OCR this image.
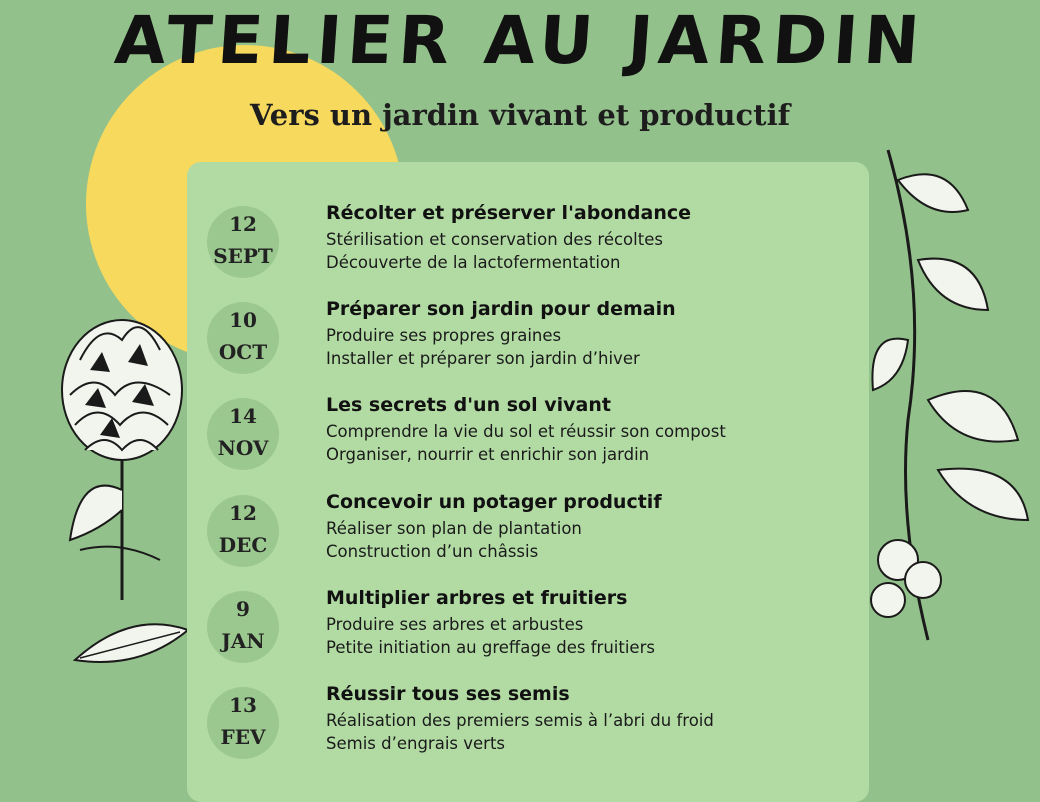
ATELIER AU JARDIN
Vers un jardin vivant et productif
12
SEPT
Récolter et préserver l'abondance
Stérilisation et conservation des récoltes
Découverte de la lactofermentation
10
OCT
Préparer son jardin pour demain
Produire ses propres graines
Installer et préparer son jardin d’hiver
14
NOV
Les secrets d'un sol vivant
Comprendre la vie du sol et réussir son compost
Organiser, nourrir et enrichir son jardin
12
DEC
Concevoir un potager productif
Réaliser son plan de plantation
Construction d’un châssis
9
JAN
Multiplier arbres et fruitiers
Produire ses arbres et arbustes
Petite initiation au greffage des fruitiers
13
FEV
Réussir tous ses semis
Réalisation des premiers semis à l’abri du froid
Semis d’engrais verts
